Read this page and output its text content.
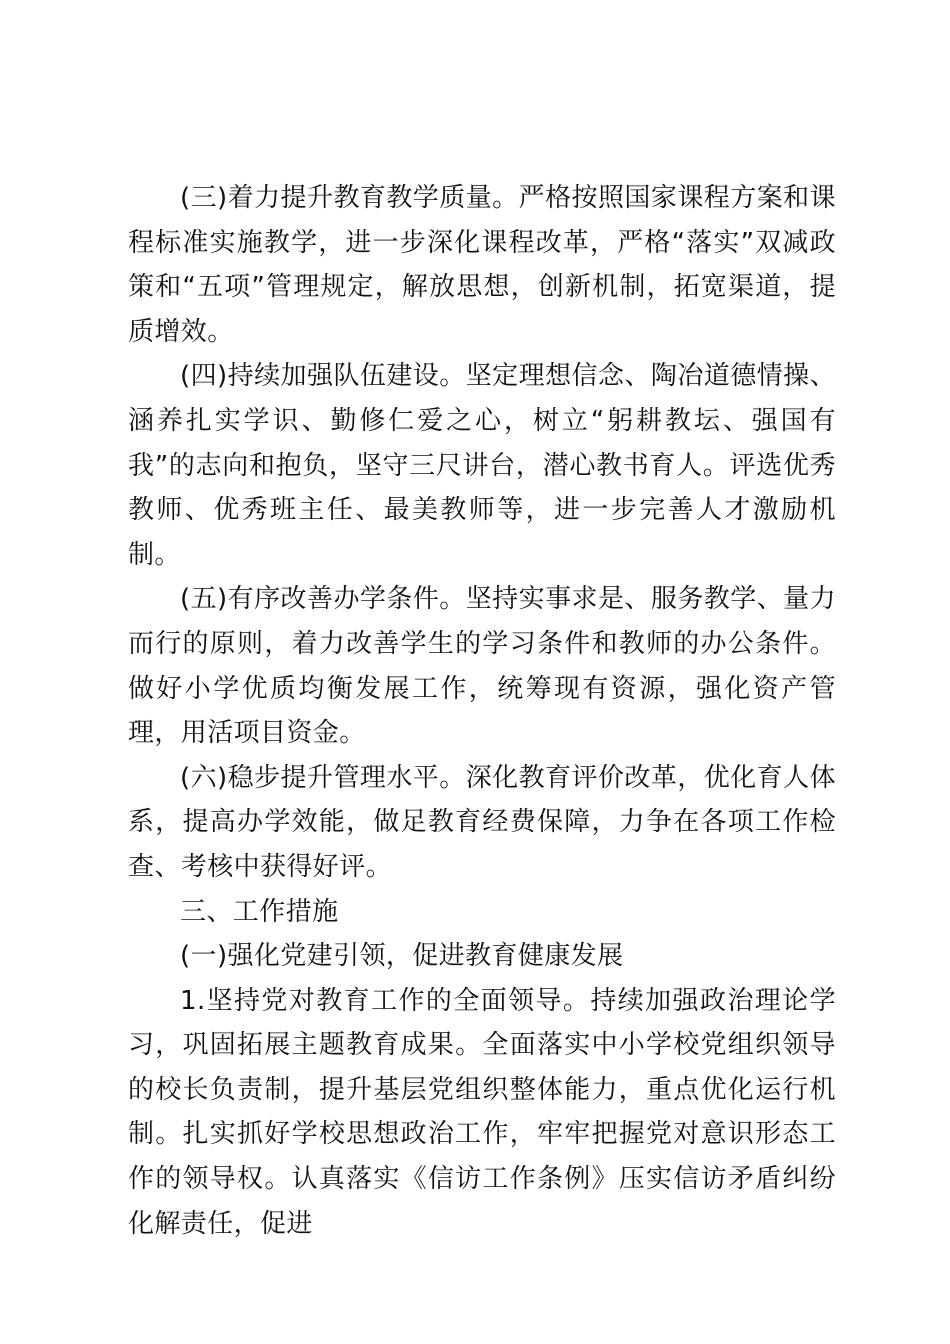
(三)着力提升教育教学质量。严格按照国家课程方案和课程标准实施教学，进一步深化课程改革，严格“落实”双减政策和“五项”管理规定，解放思想，创新机制，拓宽渠道，提质增效。

(四)持续加强队伍建设。坚定理想信念、陶冶道德情操、涵养扎实学识、勤修仁爱之心，树立“躬耕教坛、强国有我”的志向和抱负，坚守三尺讲台，潜心教书育人。评选优秀教师、优秀班主任、最美教师等，进一步完善人才激励机制。

(五)有序改善办学条件。坚持实事求是、服务教学、量力而行的原则，着力改善学生的学习条件和教师的办公条件。做好小学优质均衡发展工作，统筹现有资源，强化资产管理，用活项目资金。

(六)稳步提升管理水平。深化教育评价改革，优化育人体系，提高办学效能，做足教育经费保障，力争在各项工作检查、考核中获得好评。

三、工作措施

(一)强化党建引领，促进教育健康发展

1.坚持党对教育工作的全面领导。持续加强政治理论学习，巩固拓展主题教育成果。全面落实中小学校党组织领导的校长负责制，提升基层党组织整体能力，重点优化运行机制。扎实抓好学校思想政治工作，牢牢把握党对意识形态工作的领导权。认真落实《信访工作条例》压实信访矛盾纠纷化解责任，促进
